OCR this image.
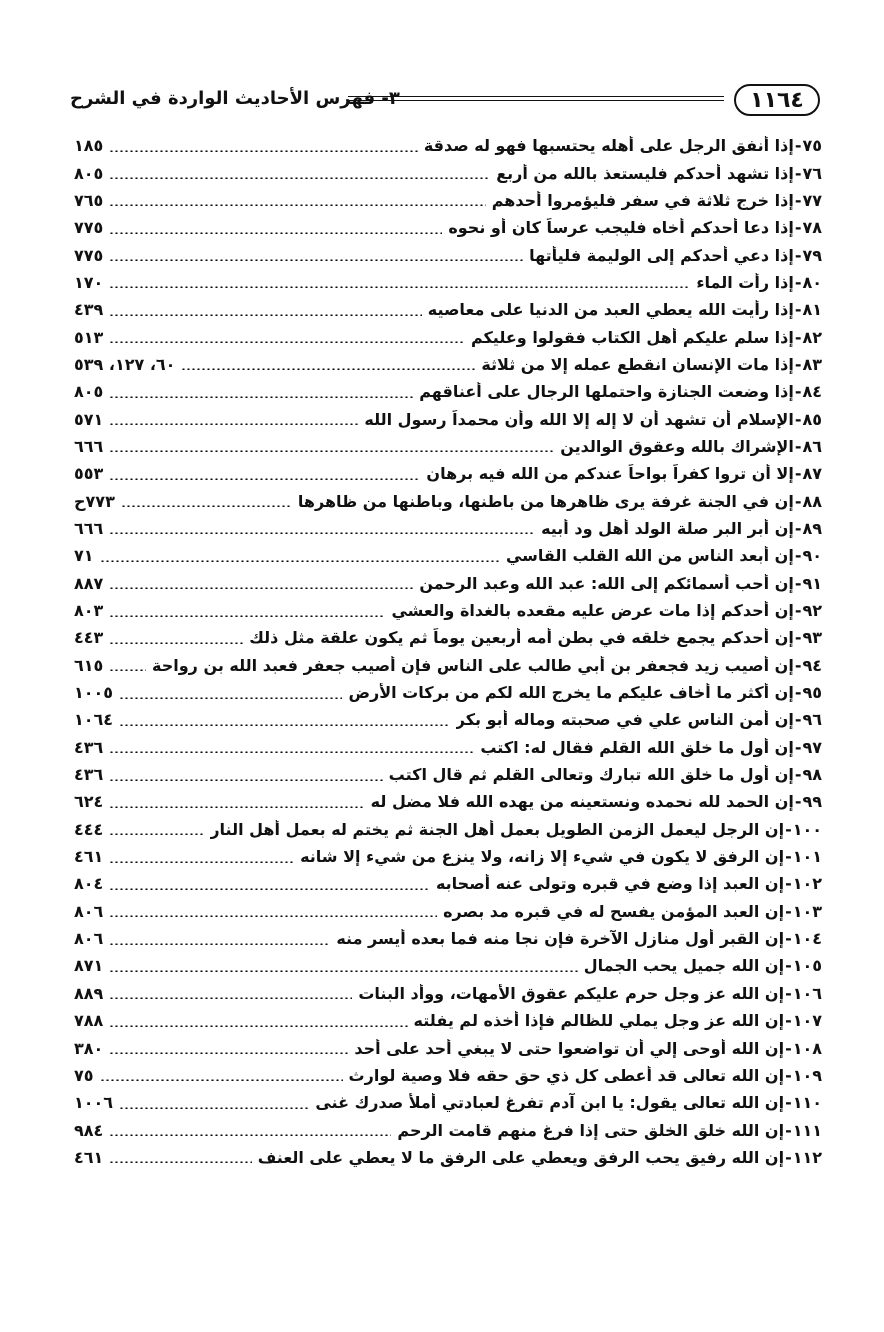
١١٦٤
٣- فهرس الأحاديث الواردة في الشرح
٧٥
-
إذا أنفق الرجل على أهله يحتسبها فهو له صدقة
١٨٥
٧٦
-
إذا تشهد أحدكم فليستعذ بالله من أربع
٨٠٥
٧٧
-
إذا خرج ثلاثة في سفر فليؤمروا أحدهم
٧٦٥
٧٨
-
إذا دعا أحدكم أخاه فليجب عرساً كان أو نحوه
٧٧٥
٧٩
-
إذا دعي أحدكم إلى الوليمة فليأتها
٧٧٥
٨٠
-
إذا رأت الماء
١٧٠
٨١
-
إذا رأيت الله يعطي العبد من الدنيا على معاصيه
٤٣٩
٨٢
-
إذا سلم عليكم أهل الكتاب فقولوا وعليكم
٥١٣
٨٣
-
إذا مات الإنسان انقطع عمله إلا من ثلاثة
٦٠، ١٢٧، ٥٣٩
٨٤
-
إذا وضعت الجنازة واحتملها الرجال على أعناقهم
٨٠٥
٨٥
-
الإسلام أن تشهد أن لا إله إلا الله وأن محمداً رسول الله
٥٧١
٨٦
-
الإشراك بالله وعقوق الوالدين
٦٦٦
٨٧
-
إلا أن تروا كفراً بواحاً عندكم من الله فيه برهان
٥٥٣
٨٨
-
إن في الجنة غرفة يرى ظاهرها من باطنها، وباطنها من ظاهرها
٧٧٣ح
٨٩
-
إن أبر البر صلة الولد أهل ود أبيه
٦٦٦
٩٠
-
إن أبعد الناس من الله القلب القاسي
٧١
٩١
-
إن أحب أسمائكم إلى الله: عبد الله وعبد الرحمن
٨٨٧
٩٢
-
إن أحدكم إذا مات عرض عليه مقعده بالغداة والعشي
٨٠٣
٩٣
-
إن أحدكم يجمع خلقه في بطن أمه أربعين يوماً ثم يكون علقة مثل ذلك
٤٤٣
٩٤
-
إن أصيب زيد فجعفر بن أبي طالب على الناس فإن أصيب جعفر فعبد الله بن رواحة
٦١٥
٩٥
-
إن أكثر ما أخاف عليكم ما يخرج الله لكم من بركات الأرض
١٠٠٥
٩٦
-
إن أمن الناس علي في صحبته وماله أبو بكر
١٠٦٤
٩٧
-
إن أول ما خلق الله القلم فقال له: اكتب
٤٣٦
٩٨
-
إن أول ما خلق الله تبارك وتعالى القلم ثم قال اكتب
٤٣٦
٩٩
-
إن الحمد لله نحمده ونستعينه من يهده الله فلا مضل له
٦٢٤
١٠٠
-
إن الرجل ليعمل الزمن الطويل بعمل أهل الجنة ثم يختم له بعمل أهل النار
٤٤٤
١٠١
-
إن الرفق لا يكون في شيء إلا زانه، ولا ينزع من شيء إلا شانه
٤٦١
١٠٢
-
إن العبد إذا وضع في قبره وتولى عنه أصحابه
٨٠٤
١٠٣
-
إن العبد المؤمن يفسح له في قبره مد بصره
٨٠٦
١٠٤
-
إن القبر أول منازل الآخرة فإن نجا منه فما بعده أيسر منه
٨٠٦
١٠٥
-
إن الله جميل يحب الجمال
٨٧١
١٠٦
-
إن الله عز وجل حرم عليكم عقوق الأمهات، ووأد البنات
٨٨٩
١٠٧
-
إن الله عز وجل يملي للظالم فإذا أخذه لم يفلته
٧٨٨
١٠٨
-
إن الله أوحى إلي أن تواضعوا حتى لا يبغي أحد على أحد
٣٨٠
١٠٩
-
إن الله تعالى قد أعطى كل ذي حق حقه فلا وصية لوارث
٧٥
١١٠
-
إن الله تعالى يقول: يا ابن آدم تفرغ لعبادتي أملأ صدرك غنى
١٠٠٦
١١١
-
إن الله خلق الخلق حتى إذا فرغ منهم قامت الرحم
٩٨٤
١١٢
-
إن الله رفيق يحب الرفق ويعطي على الرفق ما لا يعطي على العنف
٤٦١
